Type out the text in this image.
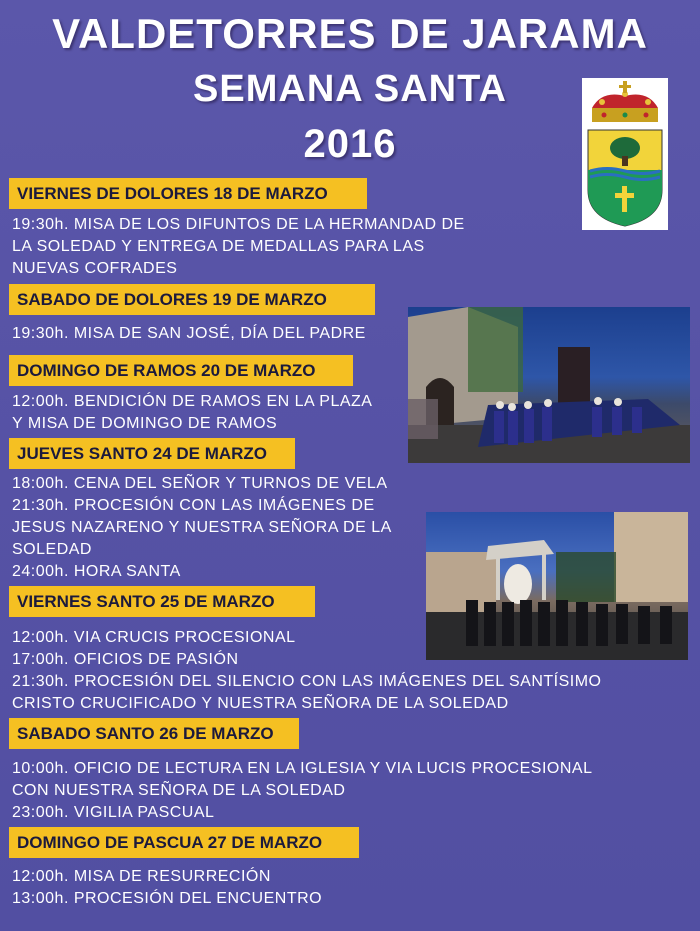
VALDETORRES DE JARAMA
SEMANA SANTA
2016
VIERNES DE DOLORES 18 DE MARZO
19:30h. MISA DE LOS DIFUNTOS DE LA HERMANDAD DE
LA SOLEDAD Y ENTREGA DE MEDALLAS PARA LAS
NUEVAS COFRADES
SABADO DE DOLORES 19 DE MARZO
19:30h. MISA DE SAN JOSÉ, DÍA DEL PADRE
DOMINGO DE RAMOS 20 DE MARZO
12:00h. BENDICIÓN DE RAMOS EN LA PLAZA
Y MISA DE DOMINGO DE RAMOS
JUEVES SANTO 24 DE MARZO
18:00h. CENA DEL SEÑOR Y TURNOS DE VELA
21:30h. PROCESIÓN CON LAS IMÁGENES DE
JESUS NAZARENO Y NUESTRA SEÑORA DE LA
SOLEDAD
24:00h. HORA SANTA
VIERNES SANTO 25 DE MARZO
12:00h. VIA CRUCIS PROCESIONAL
17:00h. OFICIOS DE PASIÓN
21:30h. PROCESIÓN DEL SILENCIO CON LAS IMÁGENES DEL SANTÍSIMO
CRISTO CRUCIFICADO Y NUESTRA SEÑORA DE LA SOLEDAD
SABADO SANTO 26 DE MARZO
10:00h. OFICIO DE LECTURA EN LA IGLESIA Y VIA LUCIS PROCESIONAL
CON NUESTRA SEÑORA DE LA SOLEDAD
23:00h. VIGILIA PASCUAL
DOMINGO DE PASCUA 27 DE MARZO
12:00h. MISA DE RESURRECIÓN
13:00h. PROCESIÓN DEL ENCUENTRO
